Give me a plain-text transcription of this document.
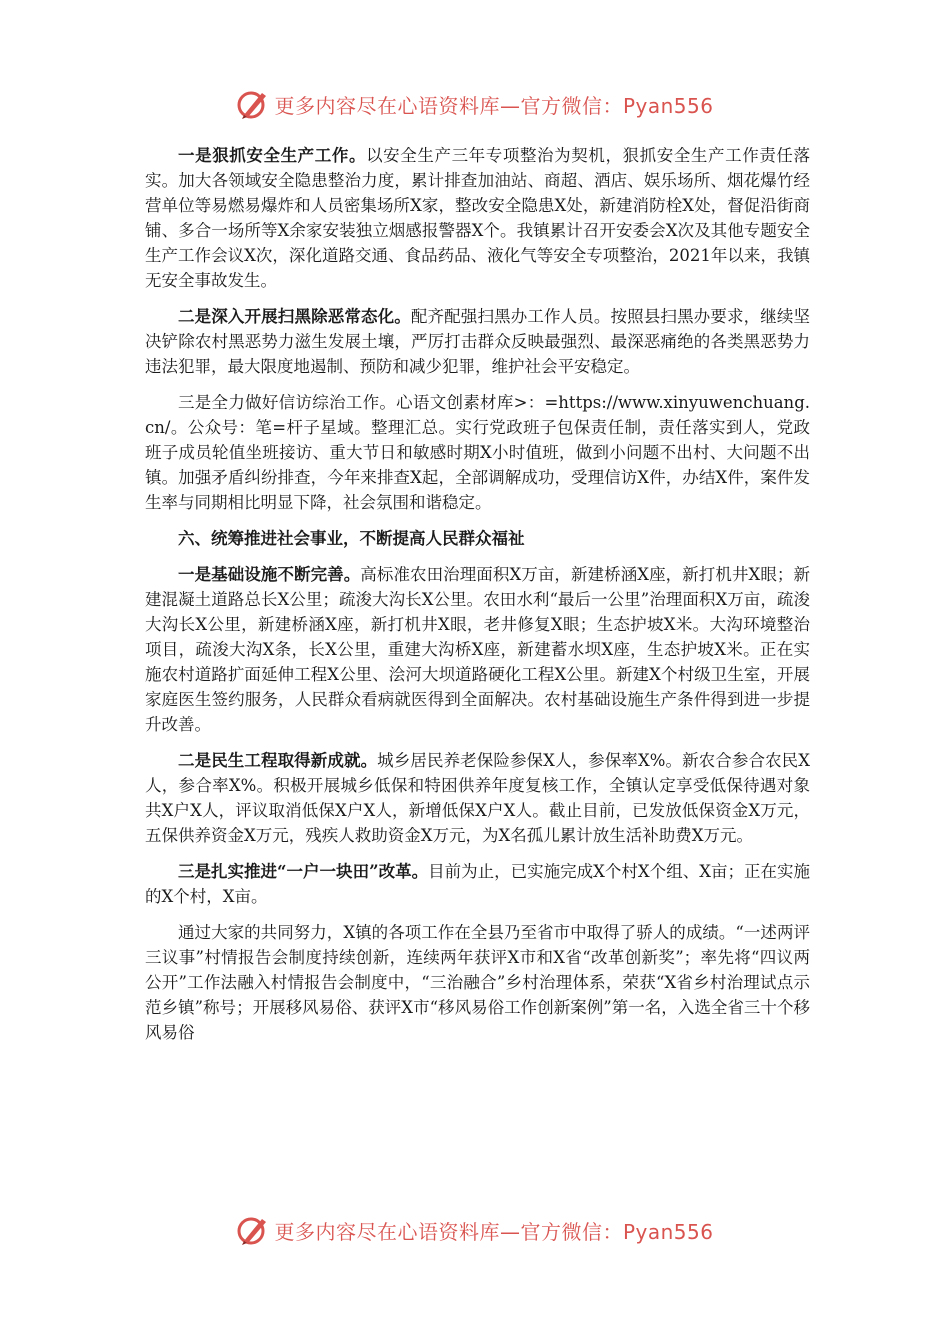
更多内容尽在心语资料库—官方微信：Pyan556

一是狠抓安全生产工作。以安全生产三年专项整治为契机，狠抓安全生产工作责任落实。加大各领域安全隐患整治力度，累计排查加油站、商超、酒店、娱乐场所、烟花爆竹经营单位等易燃易爆炸和人员密集场所X家，整改安全隐患X处，新建消防栓X处，督促沿街商铺、多合一场所等X余家安装独立烟感报警器X个。我镇累计召开安委会X次及其他专题安全生产工作会议X次，深化道路交通、食品药品、液化气等安全专项整治，2021年以来，我镇无安全事故发生。

二是深入开展扫黑除恶常态化。配齐配强扫黑办工作人员。按照县扫黑办要求，继续坚决铲除农村黑恶势力滋生发展土壤，严厉打击群众反映最强烈、最深恶痛绝的各类黑恶势力违法犯罪，最大限度地遏制、预防和减少犯罪，维护社会平安稳定。

三是全力做好信访综治工作。心语文创素材库>：=https://www.xinyuwenchuang.cn/。公众号：笔=杆子星域。整理汇总。实行党政班子包保责任制，责任落实到人，党政班子成员轮值坐班接访、重大节日和敏感时期X小时值班，做到小问题不出村、大问题不出镇。加强矛盾纠纷排查，今年来排查X起，全部调解成功，受理信访X件，办结X件，案件发生率与同期相比明显下降，社会氛围和谐稳定。

六、统筹推进社会事业，不断提高人民群众福祉

一是基础设施不断完善。高标准农田治理面积X万亩，新建桥涵X座，新打机井X眼；新建混凝土道路总长X公里；疏浚大沟长X公里。农田水利“最后一公里”治理面积X万亩，疏浚大沟长X公里，新建桥涵X座，新打机井X眼，老井修复X眼；生态护坡X米。大沟环境整治项目，疏浚大沟X条，长X公里，重建大沟桥X座，新建蓄水坝X座，生态护坡X米。正在实施农村道路扩面延伸工程X公里、浍河大坝道路硬化工程X公里。新建X个村级卫生室，开展家庭医生签约服务，人民群众看病就医得到全面解决。农村基础设施生产条件得到进一步提升改善。

二是民生工程取得新成就。城乡居民养老保险参保X人，参保率X%。新农合参合农民X人，参合率X%。积极开展城乡低保和特困供养年度复核工作，全镇认定享受低保待遇对象共X户X人，评议取消低保X户X人，新增低保X户X人。截止目前，已发放低保资金X万元，五保供养资金X万元，残疾人救助资金X万元，为X名孤儿累计放生活补助费X万元。

三是扎实推进“一户一块田”改革。目前为止，已实施完成X个村X个组、X亩；正在实施的X个村，X亩。

通过大家的共同努力，X镇的各项工作在全县乃至省市中取得了骄人的成绩。“一述两评三议事”村情报告会制度持续创新，连续两年获评X市和X省“改革创新奖”；率先将“四议两公开”工作法融入村情报告会制度中，“三治融合”乡村治理体系，荣获“X省乡村治理试点示范乡镇”称号；开展移风易俗、获评X市“移风易俗工作创新案例”第一名，入选全省三十个移风易俗

更多内容尽在心语资料库—官方微信：Pyan556
